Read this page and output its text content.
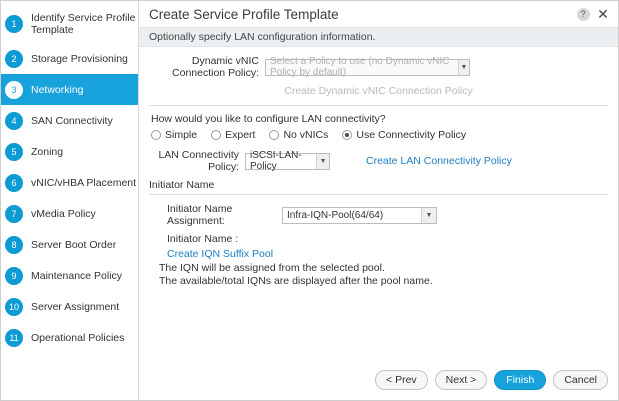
1	Identify Service Profile Template
2	Storage Provisioning
3	Networking
4	SAN Connectivity
5	Zoning
6	vNIC/vHBA Placement
7	vMedia Policy
8	Server Boot Order
9	Maintenance Policy
10	Server Assignment
11	Operational Policies
Create Service Profile Template	? ✕
Optionally specify LAN configuration information.
Dynamic vNIC Connection Policy:
Select a Policy to use (no Dynamic vNIC Policy by default)	▼
Create Dynamic vNIC Connection Policy
How would you like to configure LAN connectivity?
Simple	Expert	No vNICs	Use Connectivity Policy
LAN Connectivity Policy:
iSCSI-LAN-Policy	▼	Create LAN Connectivity Policy
Initiator Name
Initiator Name Assignment:	Infra-IQN-Pool(64/64)	▼
Initiator Name :
Create IQN Suffix Pool
The IQN will be assigned from the selected pool.
The available/total IQNs are displayed after the pool name.
< Prev	Next >	Finish	Cancel
